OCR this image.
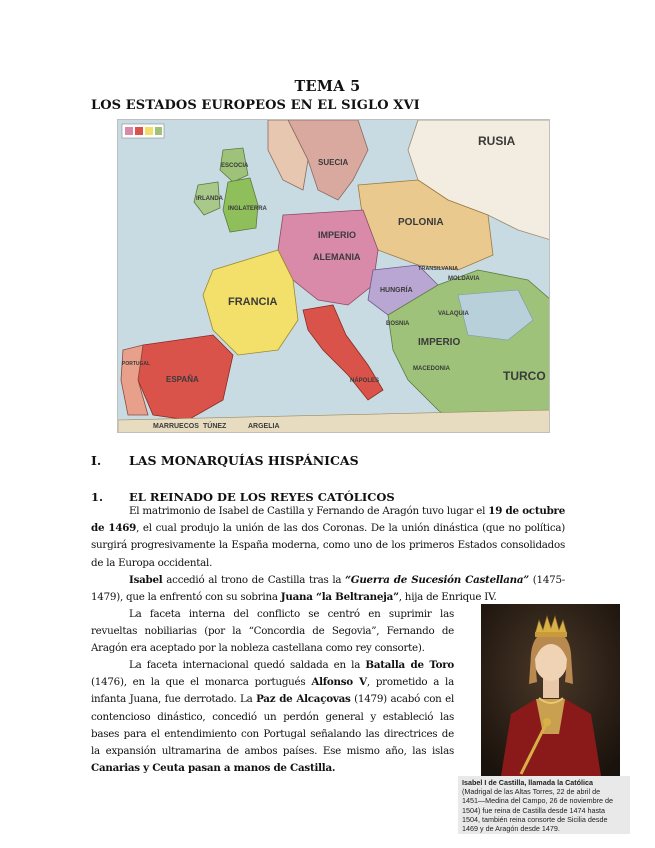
TEMA 5
LOS ESTADOS EUROPEOS EN EL SIGLO XVI
RUSIA
SUECIA
ESCOCIA
INGLATERRA
IRLANDA
IMPERIO
ALEMANIA
POLONIA
FRANCIA
HUNGRÍA
MOLDAVIA
VALAQUIA
TRANSILVANIA
BOSNIA
IMPERIO
TURCO
MACEDONIA
NÁPOLES
MARRUECOS	ARGELIA
TÚNEZ
ESPAÑA
PORTUGAL
I. LAS MONARQUÍAS HISPÁNICAS
1. EL REINADO DE LOS REYES CATÓLICOS
El matrimonio de Isabel de Castilla y Fernando de Aragón tuvo lugar el 19 de octubre
de 1469, el cual produjo la unión de las dos Coronas. De la unión dinástica (que no política)
surgirá progresivamente la España moderna, como uno de los primeros Estados consolidados
de la Europa occidental.
Isabel accedió al trono de Castilla tras la “Guerra de Sucesión Castellana” (1475-
1479), que la enfrentó con su sobrina Juana “la Beltraneja”, hija de Enrique IV.
La faceta interna del conflicto se centró en suprimir las
revueltas nobiliarias (por la “Concordia de Segovia”, Fernando de
Aragón era aceptado por la nobleza castellana como rey consorte).
La faceta internacional quedó saldada en la Batalla de Toro
(1476), en la que el monarca portugués Alfonso V, prometido a la
infanta Juana, fue derrotado. La Paz de Alcaçovas (1479) acabó con el
contencioso dinástico, concedió un perdón general y estableció las
bases para el entendimiento con Portugal señalando las directrices de
la expansión ultramarina de ambos países. Ese mismo año, las islas
Canarias y Ceuta pasan a manos de Castilla.
Isabel I de Castilla, llamada la Católica
(Madrigal de las Altas Torres, 22 de abril de
1451—Medina del Campo, 26 de noviembre de
1504) fue reina de Castilla desde 1474 hasta
1504, también reina consorte de Sicilia desde
1469 y de Aragón desde 1479.
